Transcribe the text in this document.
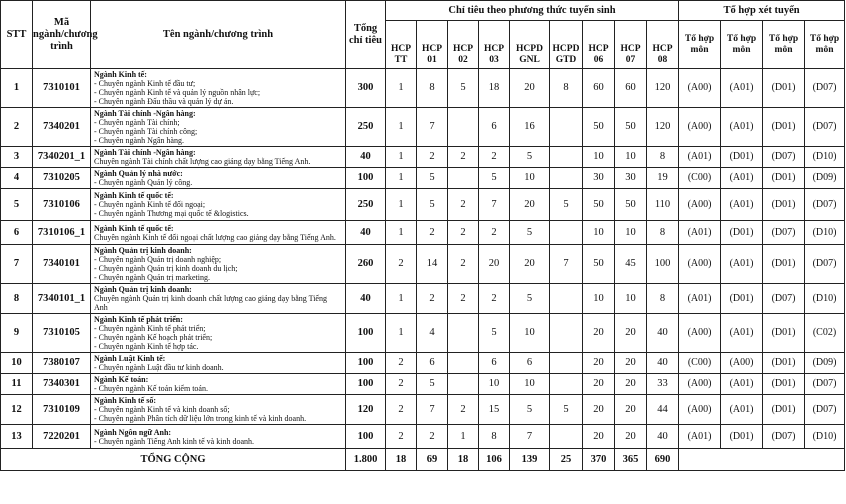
STT	Mã ngành/chương trình	Tên ngành/chương trình	Tổng chỉ tiêu	Chỉ tiêu theo phương thức tuyển sinh									Tổ hợp xét tuyển			
				HCP TT	HCP 01	HCP 02	HCP 03	HCPD GNL	HCPD GTD	HCP 06	HCP 07	HCP 08	Tổ hợp môn	Tổ hợp môn	Tổ hợp môn	Tổ hợp môn
1	7310101	Ngành Kinh tế:
- Chuyên ngành Kinh tế đầu tư;
- Chuyên ngành Kinh tế và quản lý nguồn nhân lực;
- Chuyên ngành Đấu thầu và quản lý dự án.	300	1	8	5	18	20	8	60	60	120	(A00)	(A01)	(D01)	(D07)
2	7340201	Ngành Tài chính -Ngân hàng:
- Chuyên ngành Tài chính;
- Chuyên ngành Tài chính công;
- Chuyên ngành Ngân hàng.	250	1	7		6	16		50	50	120	(A00)	(A01)	(D01)	(D07)
3	7340201_1	Ngành Tài chính -Ngân hàng:
Chuyên ngành Tài chính chất lượng cao giảng dạy bằng Tiếng Anh.	40	1	2	2	2	5		10	10	8	(A01)	(D01)	(D07)	(D10)
4	7310205	Ngành Quản lý nhà nước:
- Chuyên ngành Quản lý công.	100	1	5		5	10		30	30	19	(C00)	(A01)	(D01)	(D09)
5	7310106	Ngành Kinh tế quốc tế:
- Chuyên ngành Kinh tế đối ngoại;
- Chuyên ngành Thương mại quốc tế &logistics.	250	1	5	2	7	20	5	50	50	110	(A00)	(A01)	(D01)	(D07)
6	7310106_1	Ngành Kinh tế quốc tế:
Chuyên ngành Kinh tế đối ngoại chất lượng cao giảng dạy bằng Tiếng Anh.	40	1	2	2	2	5		10	10	8	(A01)	(D01)	(D07)	(D10)
7	7340101	Ngành Quản trị kinh doanh:
- Chuyên ngành Quản trị doanh nghiệp;
- Chuyên ngành Quản trị kinh doanh du lịch;
- Chuyên ngành Quản trị marketing.	260	2	14	2	20	20	7	50	45	100	(A00)	(A01)	(D01)	(D07)
8	7340101_1	Ngành Quản trị kinh doanh:
Chuyên ngành Quản trị kinh doanh chất lượng cao giảng dạy bằng Tiếng Anh	40	1	2	2	2	5		10	10	8	(A01)	(D01)	(D07)	(D10)
9	7310105	Ngành Kinh tế phát triển:
- Chuyên ngành Kinh tế phát triển;
- Chuyên ngành Kế hoạch phát triển;
- Chuyên ngành Kinh tế hợp tác.	100	1	4		5	10		20	20	40	(A00)	(A01)	(D01)	(C02)
10	7380107	Ngành Luật Kinh tế:
- Chuyên ngành Luật đầu tư kinh doanh.	100	2	6		6	6		20	20	40	(C00)	(A00)	(D01)	(D09)
11	7340301	Ngành Kế toán:
- Chuyên ngành Kế toán kiểm toán.	100	2	5		10	10		20	20	33	(A00)	(A01)	(D01)	(D07)
12	7310109	Ngành Kinh tế số:
- Chuyên ngành Kinh tế và kinh doanh số;
- Chuyên ngành Phân tích dữ liệu lớn trong kinh tế và kinh doanh.	120	2	7	2	15	5	5	20	20	44	(A00)	(A01)	(D01)	(D07)
13	7220201	Ngành Ngôn ngữ Anh:
- Chuyên ngành Tiếng Anh kinh tế và kinh doanh.	100	2	2	1	8	7		20	20	40	(A01)	(D01)	(D07)	(D10)
TỔNG CỘNG			1.800	18	69	18	106	139	25	370	365	690				
